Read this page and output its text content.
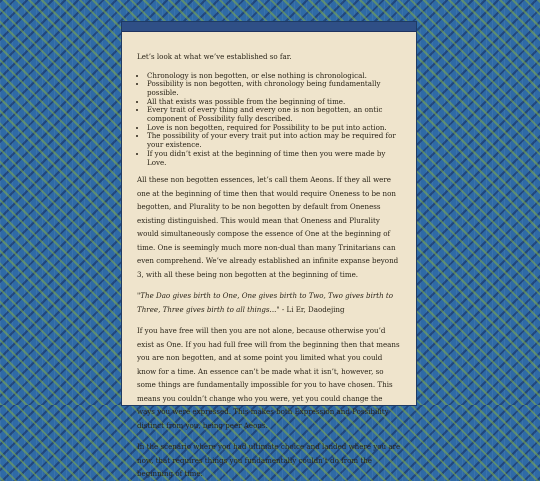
Let’s look at what we’ve established so far.

• Chronology is non begotten, or else nothing is chronological.
• Possibility is non begotten, with chronology being fundamentally possible.
• All that exists was possible from the beginning of time.
• Every trait of every thing and every one is non begotten, an ontic component of Possibility fully described.
• Love is non begotten, required for Possibility to be put into action.
• The possibility of your every trait put into action may be required for your existence.
• If you didn’t exist at the beginning of time then you were made by Love.

All these non begotten essences, let’s call them Aeons. If they all were one at the beginning of time then that would require Oneness to be non begotten, and Plurality to be non begotten by default from Oneness existing distinguished. This would mean that Oneness and Plurality would simultaneously compose the essence of One at the beginning of time. One is seemingly much more non-dual than many Trinitarians can even comprehend. We’ve already established an infinite expanse beyond 3, with all these being non begotten at the beginning of time.

"The Dao gives birth to One, One gives birth to Two, Two gives birth to Three, Three gives birth to all things..." - Li Er, Daodejing

If you have free will then you are not alone, because otherwise you’d exist as One. If you had full free will from the beginning then that means you are non begotten, and at some point you limited what you could know for a time. An essence can’t be made what it isn’t, however, so some things are fundamentally impossible for you to have chosen. This means you couldn’t change who you were, yet you could change the ways you were expressed. This makes both Expression and Possibility distinct from you, being peer Aeons.

In the scenario where you had ultimate choice and landed where you are now, that requires things you fundamentally couldn’t do from the beginning of time.
